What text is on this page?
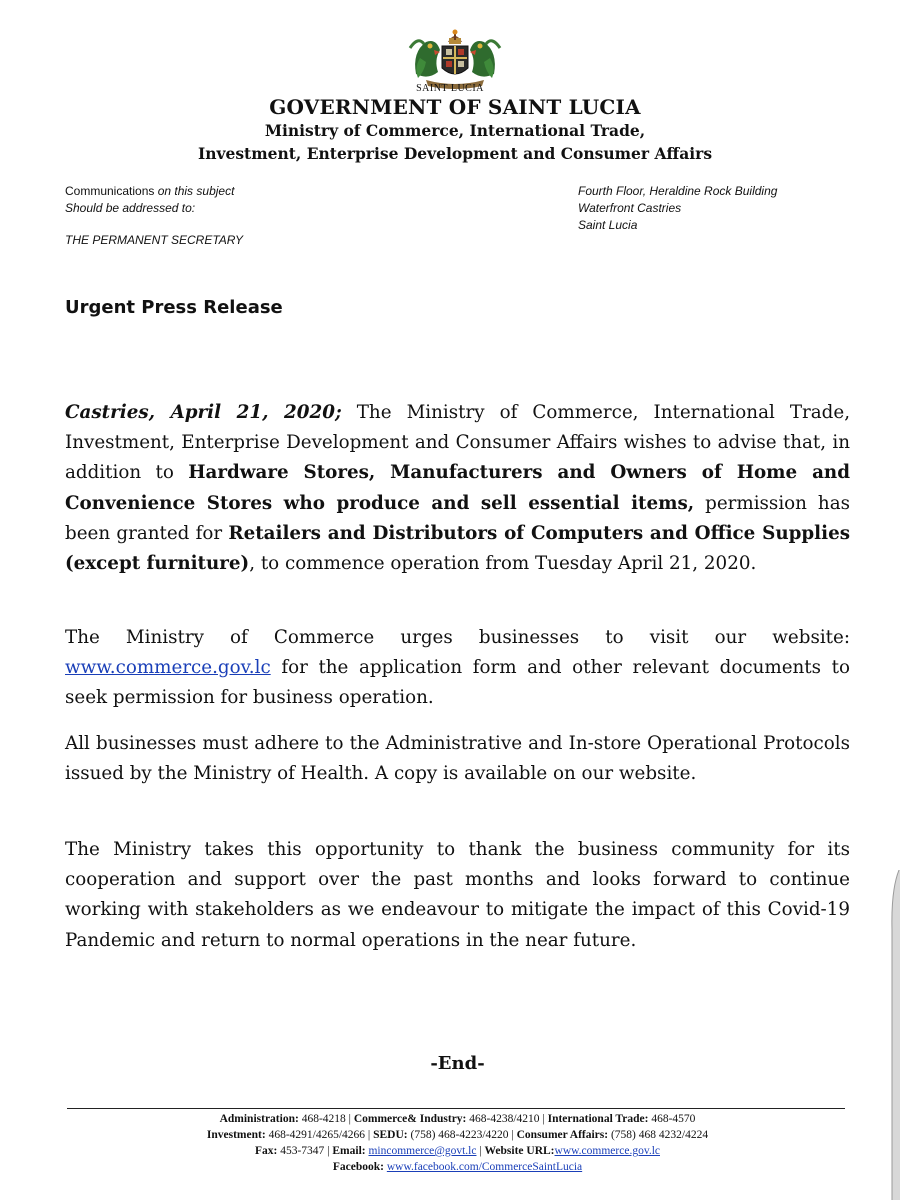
SAINT LUCIA
GOVERNMENT OF SAINT LUCIA
Ministry of Commerce, International Trade,
Investment, Enterprise Development and Consumer Affairs
Communications on this subject
Should be addressed to:
THE PERMANENT SECRETARY
Fourth Floor, Heraldine Rock Building
Waterfront Castries
Saint Lucia
Urgent Press Release
Castries, April 21, 2020; The Ministry of Commerce, International Trade, Investment, Enterprise Development and Consumer Affairs wishes to advise that, in addition to Hardware Stores, Manufacturers and Owners of Home and Convenience Stores who produce and sell essential items, permission has been granted for Retailers and Distributors of Computers and Office Supplies (except furniture), to commence operation from Tuesday April 21, 2020.
The Ministry of Commerce urges businesses to visit our website: www.commerce.gov.lc for the application form and other relevant documents to seek permission for business operation.
All businesses must adhere to the Administrative and In-store Operational Protocols issued by the Ministry of Health. A copy is available on our website.
The Ministry takes this opportunity to thank the business community for its cooperation and support over the past months and looks forward to continue working with stakeholders as we endeavour to mitigate the impact of this Covid-19 Pandemic and return to normal operations in the near future.
-End-
Administration: 468-4218 | Commerce& Industry: 468-4238/4210 | International Trade: 468-4570
Investment: 468-4291/4265/4266 | SEDU: (758) 468-4223/4220 | Consumer Affairs: (758) 468 4232/4224
Fax: 453-7347 | Email: mincommerce@govt.lc | Website URL:www.commerce.gov.lc
Facebook: www.facebook.com/CommerceSaintLucia
